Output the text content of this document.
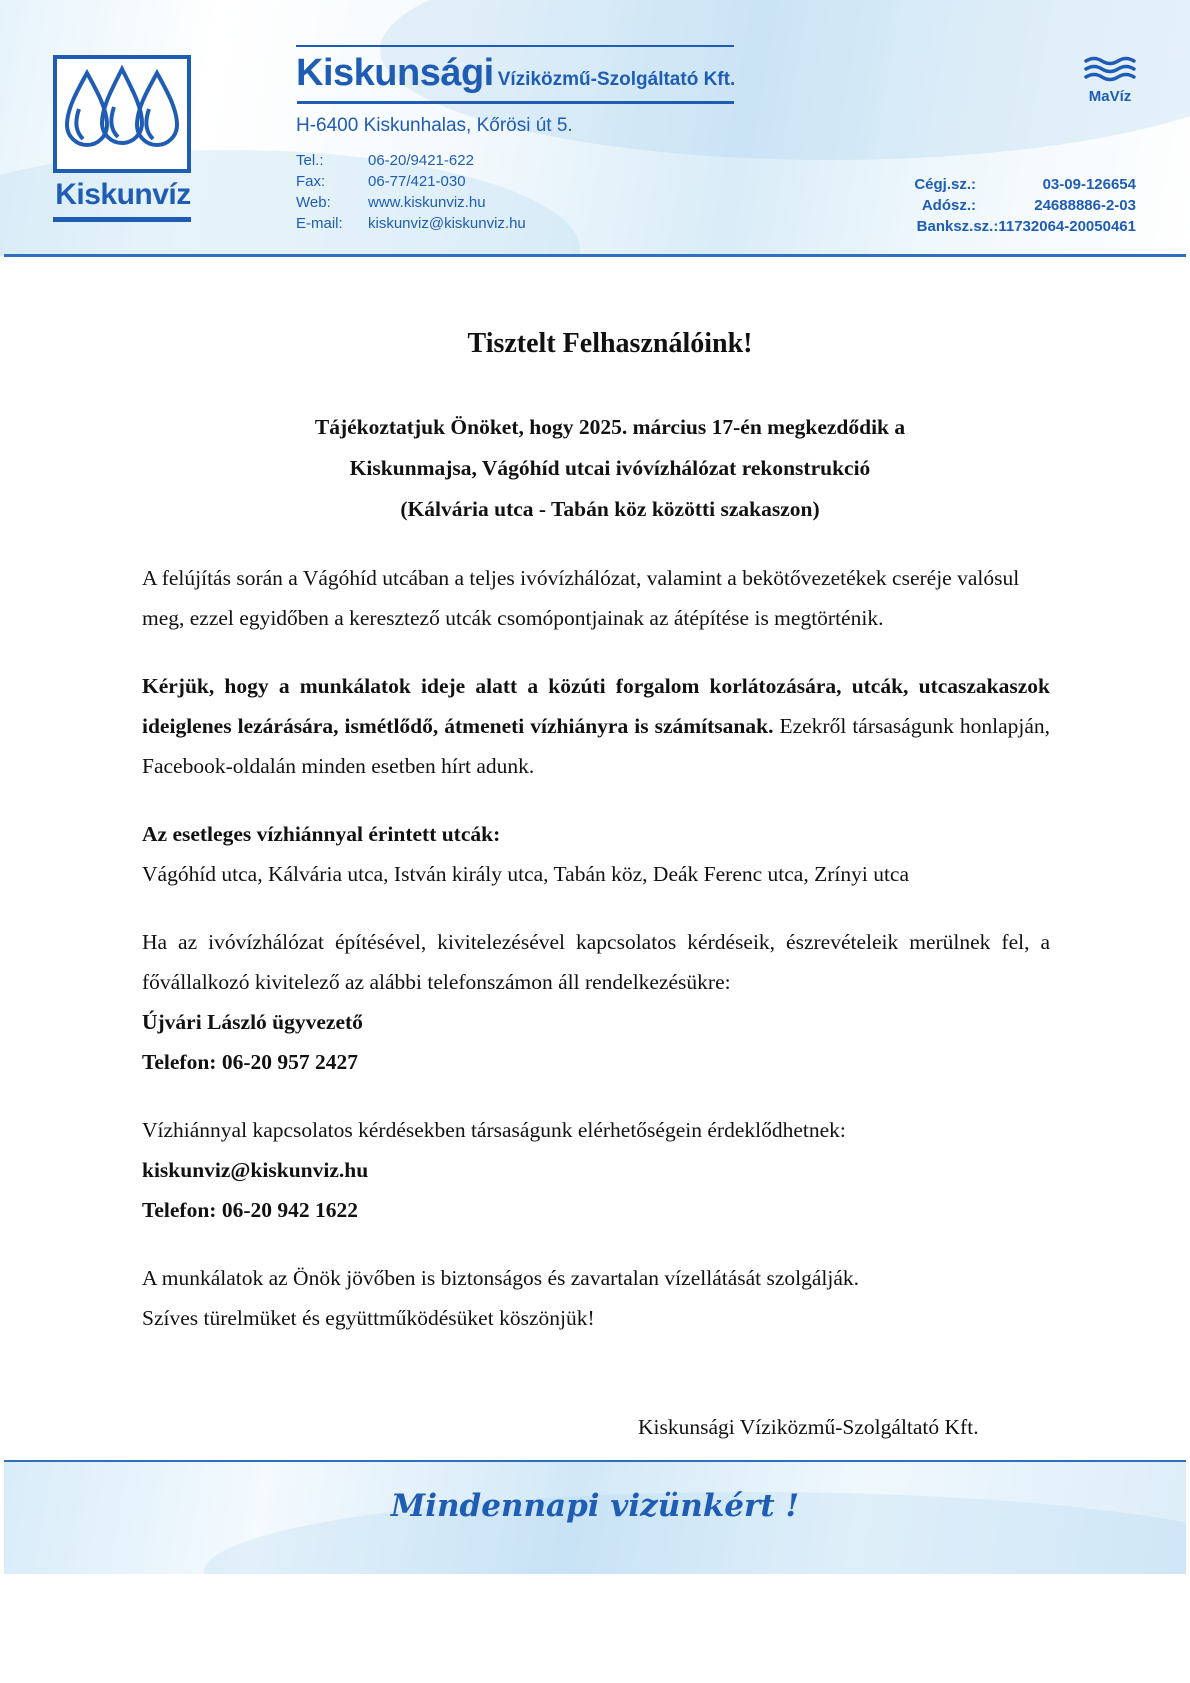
Kiskunvíz
Kiskunsági Víziközmű-Szolgáltató Kft.
H-6400 Kiskunhalas, Kőrösi út 5.
Tel.:	06-20/9421-622
Fax:	06-77/421-030
Web:	www.kiskunviz.hu
E-mail:	kiskunviz@kiskunviz.hu
Cégj.sz.:	03-09-126654
Adósz.:	24688886-2-03
Banksz.sz.: 11732064-20050461
MaVíz

Tisztelt Felhasználóink!

Tájékoztatjuk Önöket, hogy 2025. március 17-én megkezdődik a
Kiskunmajsa, Vágóhíd utcai ivóvízhálózat rekonstrukció
(Kálvária utca - Tabán köz közötti szakaszon)

A felújítás során a Vágóhíd utcában a teljes ivóvízhálózat, valamint a bekötővezetékek cseréje valósul meg, ezzel egyidőben a keresztező utcák csomópontjainak az átépítése is megtörténik.

Kérjük, hogy a munkálatok ideje alatt a közúti forgalom korlátozására, utcák, utcaszakaszok ideiglenes lezárására, ismétlődő, átmeneti vízhiányra is számítsanak. Ezekről társaságunk honlapján, Facebook-oldalán minden esetben hírt adunk.

Az esetleges vízhiánnyal érintett utcák:

Vágóhíd utca, Kálvária utca, István király utca, Tabán köz, Deák Ferenc utca, Zrínyi utca

Ha az ivóvízhálózat építésével, kivitelezésével kapcsolatos kérdéseik, észrevételeik merülnek fel, a fővállalkozó kivitelező az alábbi telefonszámon áll rendelkezésükre:

Újvári László ügyvezető

Telefon: 06-20 957 2427

Vízhiánnyal kapcsolatos kérdésekben társaságunk elérhetőségein érdeklődhetnek:

kiskunviz@kiskunviz.hu

Telefon: 06-20 942 1622

A munkálatok az Önök jövőben is biztonságos és zavartalan vízellátását szolgálják.

Szíves türelmüket és együttműködésüket köszönjük!

Kiskunsági Víziközmű-Szolgáltató Kft.
Mindennapi vizünkért !
